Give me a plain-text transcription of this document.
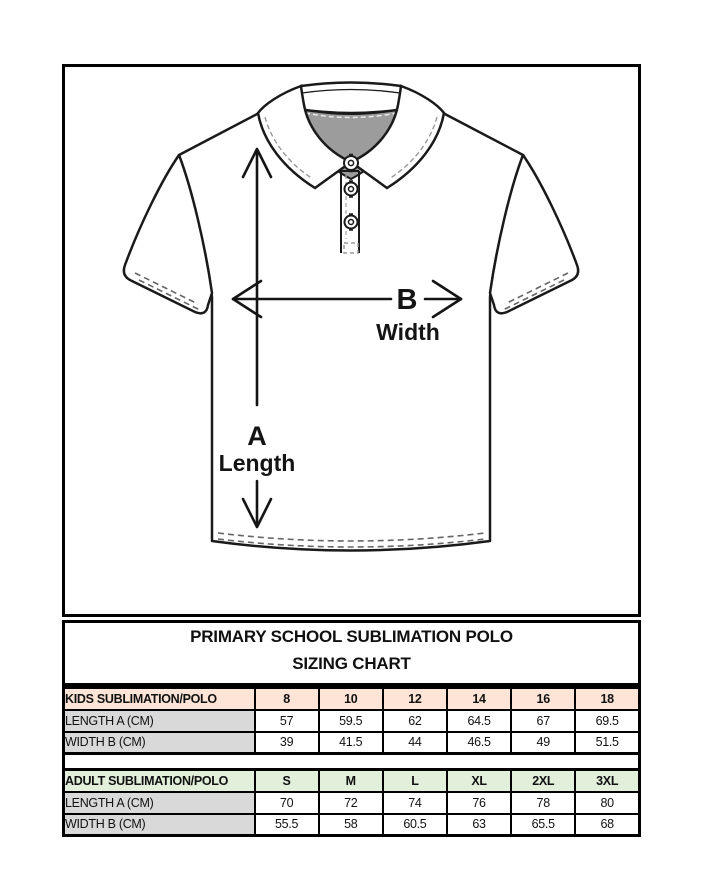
A
Length
B
Width
PRIMARY SCHOOL SUBLIMATION POLO
SIZING CHART
KIDS SUBLIMATION/POLO	8	10	12	14	16	18
LENGTH A (CM)	57	59.5	62	64.5	67	69.5
WIDTH B (CM)	39	41.5	44	46.5	49	51.5
ADULT SUBLIMATION/POLO	S	M	L	XL	2XL	3XL
LENGTH A (CM)	70	72	74	76	78	80
WIDTH B (CM)	55.5	58	60.5	63	65.5	68
